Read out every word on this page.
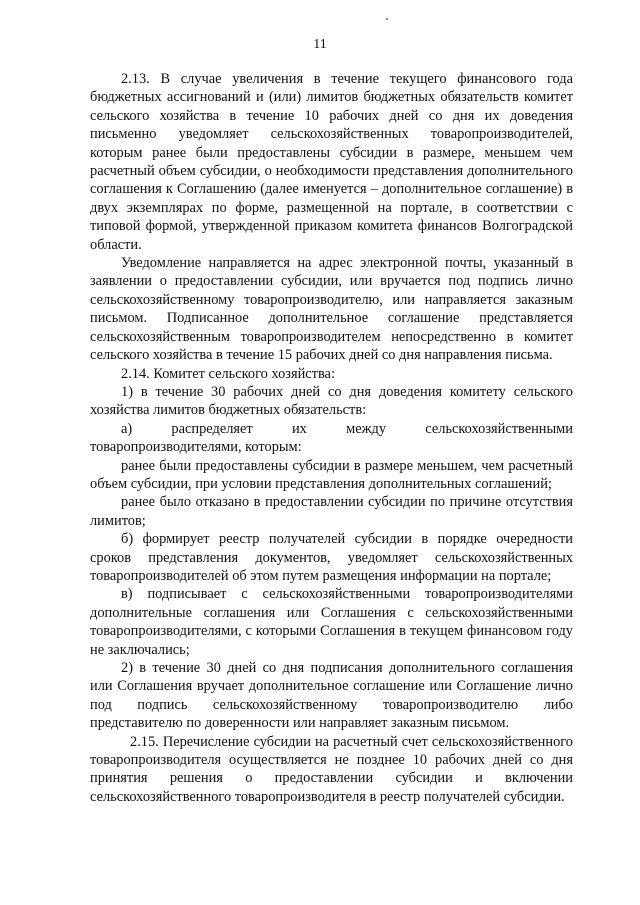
11

2.13. В случае увеличения в течение текущего финансового года бюджетных ассигнований и (или) лимитов бюджетных обязательств комитет сельского хозяйства в течение 10 рабочих дней со дня их доведения письменно уведомляет сельскохозяйственных товаропроизводителей, которым ранее были предоставлены субсидии в размере, меньшем чем расчетный объем субсидии, о необходимости представления дополнительного соглашения к Соглашению (далее именуется – дополнительное соглашение) в двух экземплярах по форме, размещенной на портале, в соответствии с типовой формой, утвержденной приказом комитета финансов Волгоградской области.

Уведомление направляется на адрес электронной почты, указанный в заявлении о предоставлении субсидии, или вручается под подпись лично сельскохозяйственному товаропроизводителю, или направляется заказным письмом. Подписанное дополнительное соглашение представляется сельскохозяйственным товаропроизводителем непосредственно в комитет сельского хозяйства в течение 15 рабочих дней со дня направления письма.

2.14. Комитет сельского хозяйства:

1) в течение 30 рабочих дней со дня доведения комитету сельского хозяйства лимитов бюджетных обязательств:

а) распределяет их между сельскохозяйственными товаропроизводителями, которым:

ранее были предоставлены субсидии в размере меньшем, чем расчетный объем субсидии, при условии представления дополнительных соглашений;

ранее было отказано в предоставлении субсидии по причине отсутствия лимитов;

б) формирует реестр получателей субсидии в порядке очередности сроков представления документов, уведомляет сельскохозяйственных товаропроизводителей об этом путем размещения информации на портале;

в) подписывает с сельскохозяйственными товаропроизводителями дополнительные соглашения или Соглашения с сельскохозяйственными товаропроизводителями, с которыми Соглашения в текущем финансовом году не заключались;

2) в течение 30 дней со дня подписания дополнительного соглашения или Соглашения вручает дополнительное соглашение или Соглашение лично под подпись сельскохозяйственному товаропроизводителю либо представителю по доверенности или направляет заказным письмом.

2.15. Перечисление субсидии на расчетный счет сельскохозяйственного товаропроизводителя осуществляется не позднее 10 рабочих дней со дня принятия решения о предоставлении субсидии и включении сельскохозяйственного товаропроизводителя в реестр получателей субсидии.
